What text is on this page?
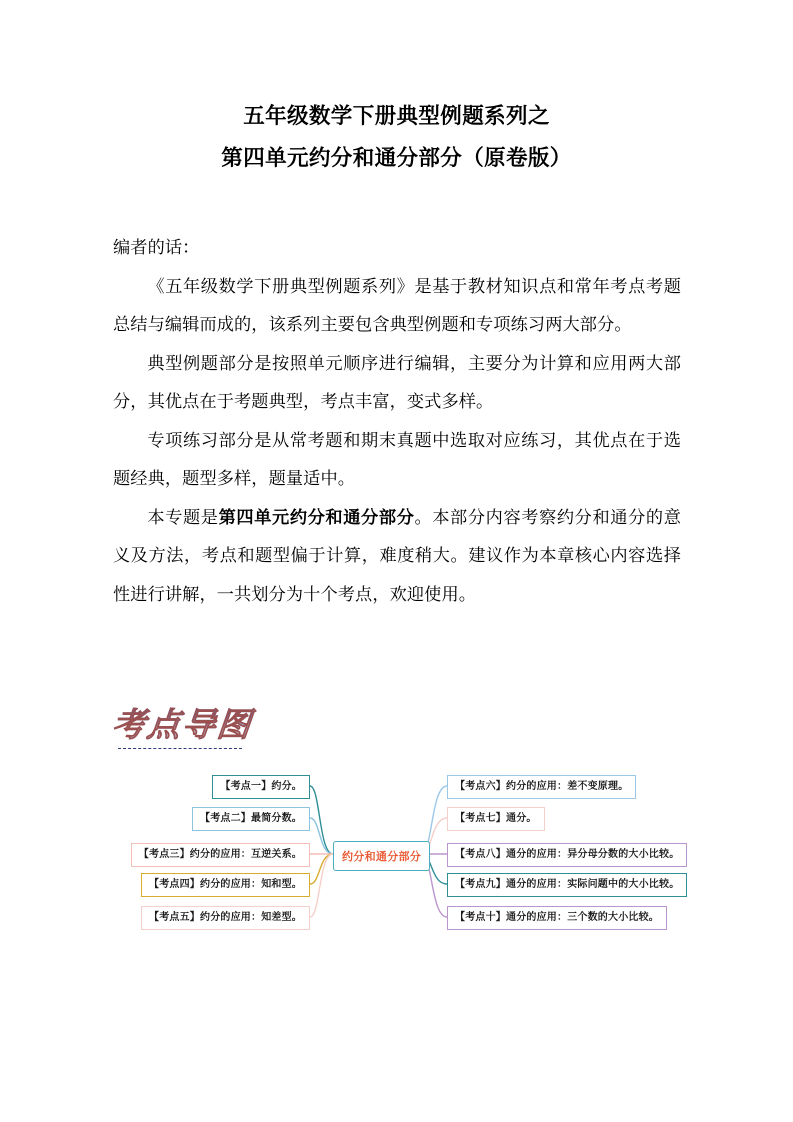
五年级数学下册典型例题系列之
第四单元约分和通分部分（原卷版）

编者的话：

《五年级数学下册典型例题系列》是基于教材知识点和常年考点考题总结与编辑而成的，该系列主要包含典型例题和专项练习两大部分。

典型例题部分是按照单元顺序进行编辑，主要分为计算和应用两大部分，其优点在于考题典型，考点丰富，变式多样。

专项练习部分是从常考题和期末真题中选取对应练习，其优点在于选题经典，题型多样，题量适中。

本专题是第四单元约分和通分部分。本部分内容考察约分和通分的意义及方法，考点和题型偏于计算，难度稍大。建议作为本章核心内容选择性进行讲解，一共划分为十个考点，欢迎使用。

考点导图
约分和通分部分
【考点一】约分。
【考点二】最简分数。
【考点三】约分的应用：互逆关系。
【考点四】约分的应用：知和型。
【考点五】约分的应用：知差型。
【考点六】约分的应用：差不变原理。
【考点七】通分。
【考点八】通分的应用：异分母分数的大小比较。
【考点九】通分的应用：实际问题中的大小比较。
【考点十】通分的应用：三个数的大小比较。
